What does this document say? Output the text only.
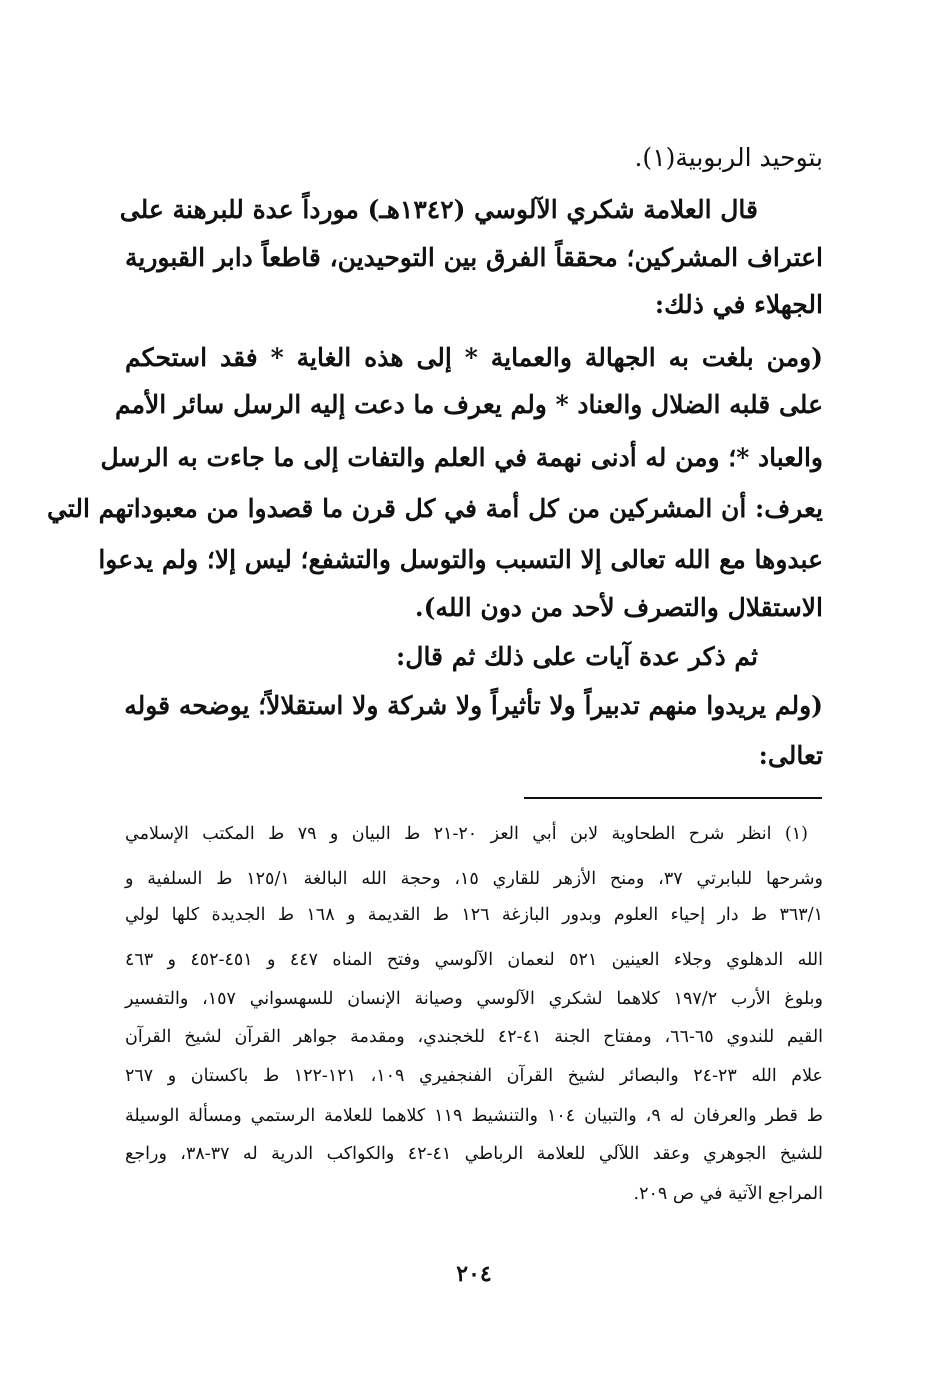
بتوحيد الربوبية(١).
قال العلامة شكري الآلوسي (١٣٤٢هـ) مورداً عدة للبرهنة على
اعتراف المشركين؛ محققاً الفرق بين التوحيدين، قاطعاً دابر القبورية
الجهلاء في ذلك:
(ومن بلغت به الجهالة والعماية * إلى هذه الغاية * فقد استحكم
على قلبه الضلال والعناد * ولم يعرف ما دعت إليه الرسل سائر الأمم
والعباد *؛ ومن له أدنى نهمة في العلم والتفات إلى ما جاءت به الرسل
يعرف: أن المشركين من كل أمة في كل قرن ما قصدوا من معبوداتهم التي
عبدوها مع الله تعالى إلا التسبب والتوسل والتشفع؛ ليس إلا؛ ولم يدعوا
الاستقلال والتصرف لأحد من دون الله).
ثم ذكر عدة آيات على ذلك ثم قال:
(ولم يريدوا منهم تدبيراً ولا تأثيراً ولا شركة ولا استقلالاً؛ يوضحه قوله
تعالى:
(١) انظر شرح الطحاوية لابن أبي العز ٢٠-٢١ ط البيان و ٧٩ ط المكتب الإسلامي
وشرحها للبابرتي ٣٧، ومنح الأزهر للقاري ١٥، وحجة الله البالغة ١٢٥/١ ط السلفية و
٣٦٣/١ ط دار إحياء العلوم وبدور البازغة ١٢٦ ط القديمة و ١٦٨ ط الجديدة كلها لولي
الله الدهلوي وجلاء العينين ٥٢١ لنعمان الآلوسي وفتح المناه ٤٤٧ و ٤٥١-٤٥٢ و ٤٦٣
وبلوغ الأرب ١٩٧/٢ كلاهما لشكري الآلوسي وصيانة الإنسان للسهسواني ١٥٧، والتفسير
القيم للندوي ٦٥-٦٦، ومفتاح الجنة ٤١-٤٢ للخجندي، ومقدمة جواهر القرآن لشيخ القرآن
علام الله ٢٣-٢٤ والبصائر لشيخ القرآن الفنجفيري ١٠٩، ١٢١-١٢٢ ط باكستان و ٢٦٧
ط قطر والعرفان له ٩، والتبيان ١٠٤ والتنشيط ١١٩ كلاهما للعلامة الرستمي ومسألة الوسيلة
للشيخ الجوهري وعقد اللآلي للعلامة الرباطي ٤١-٤٢ والكواكب الدرية له ٣٧-٣٨، وراجع
المراجع الآتية في ص ٢٠٩.
٢٠٤
